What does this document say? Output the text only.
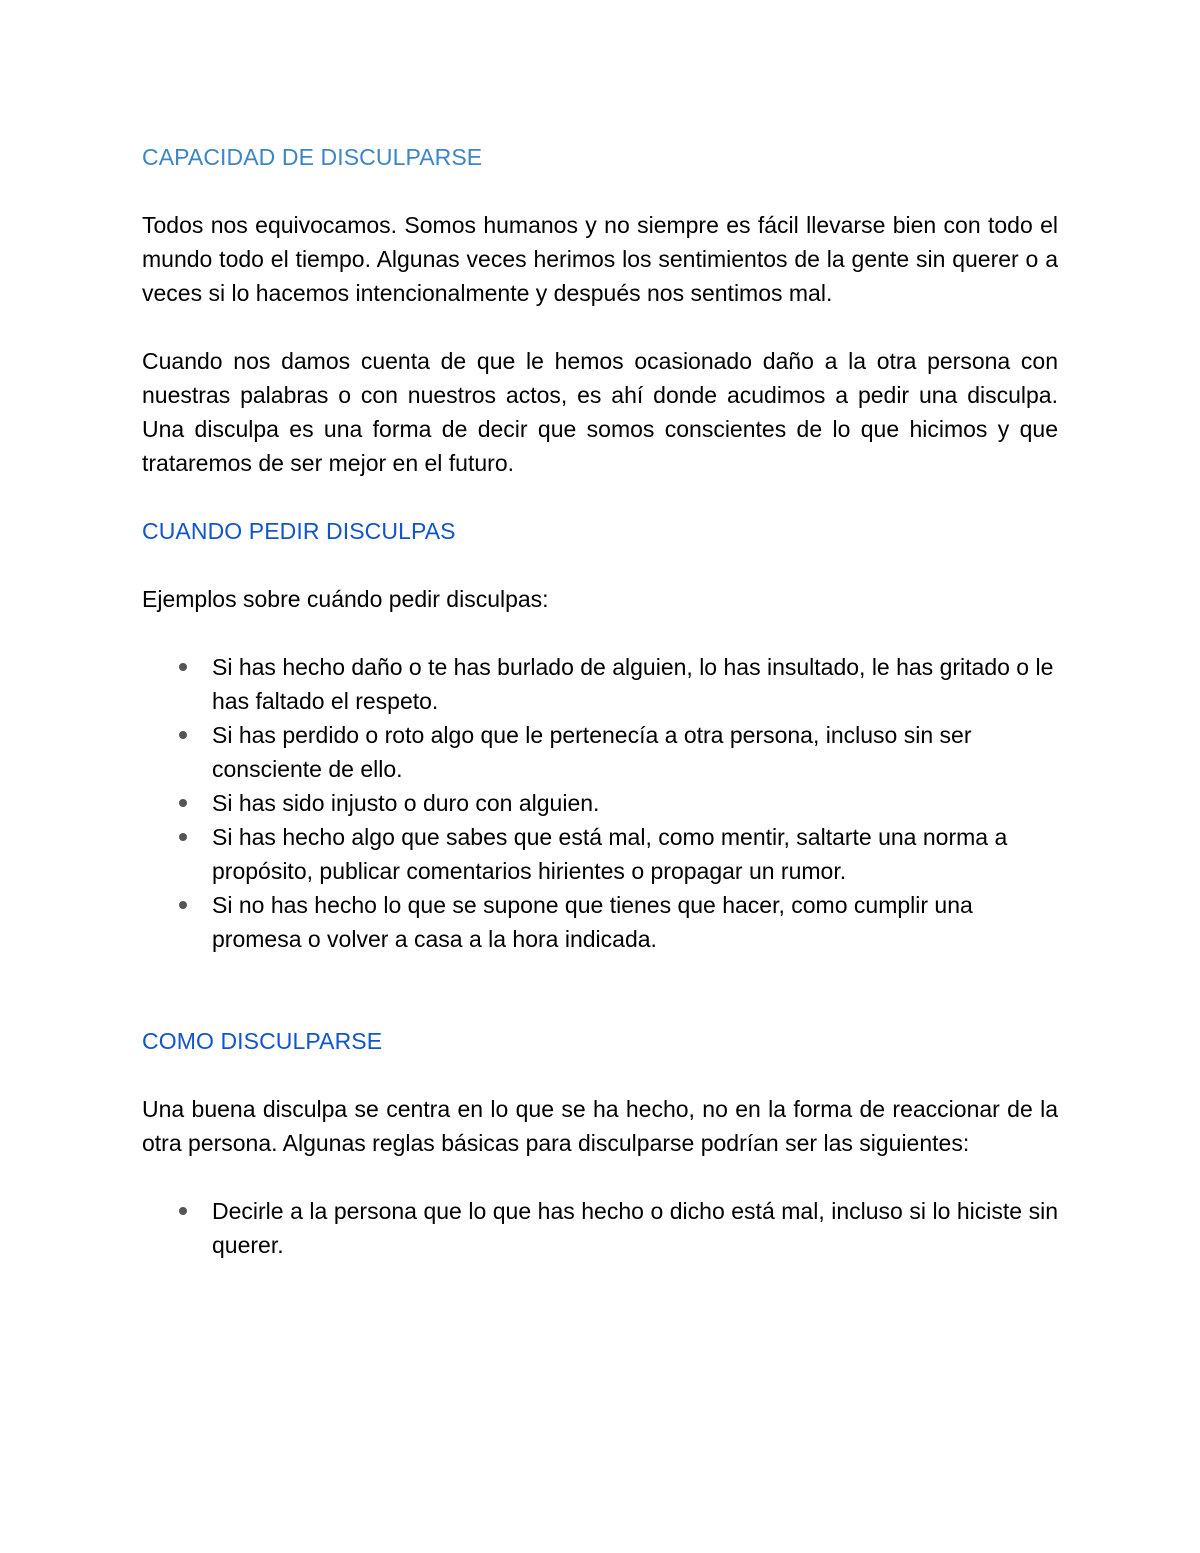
CAPACIDAD DE DISCULPARSE

Todos nos equivocamos. Somos humanos y no siempre es fácil llevarse bien con todo el mundo todo el tiempo. Algunas veces herimos los sentimientos de la gente sin querer o a veces si lo hacemos intencionalmente y después nos sentimos mal.

Cuando nos damos cuenta de que le hemos ocasionado daño a la otra persona con nuestras palabras o con nuestros actos, es ahí donde acudimos a pedir una disculpa. Una disculpa es una forma de decir que somos conscientes de lo que hicimos y que trataremos de ser mejor en el futuro.

CUANDO PEDIR DISCULPAS

Ejemplos sobre cuándo pedir disculpas:

Si has hecho daño o te has burlado de alguien, lo has insultado, le has gritado o le has faltado el respeto.
Si has perdido o roto algo que le pertenecía a otra persona, incluso sin ser consciente de ello.
Si has sido injusto o duro con alguien.
Si has hecho algo que sabes que está mal, como mentir, saltarte una norma a propósito, publicar comentarios hirientes o propagar un rumor.
Si no has hecho lo que se supone que tienes que hacer, como cumplir una promesa o volver a casa a la hora indicada.
COMO DISCULPARSE

Una buena disculpa se centra en lo que se ha hecho, no en la forma de reaccionar de la otra persona. Algunas reglas básicas para disculparse podrían ser las siguientes:

Decirle a la persona que lo que has hecho o dicho está mal, incluso si lo hiciste sin querer.
